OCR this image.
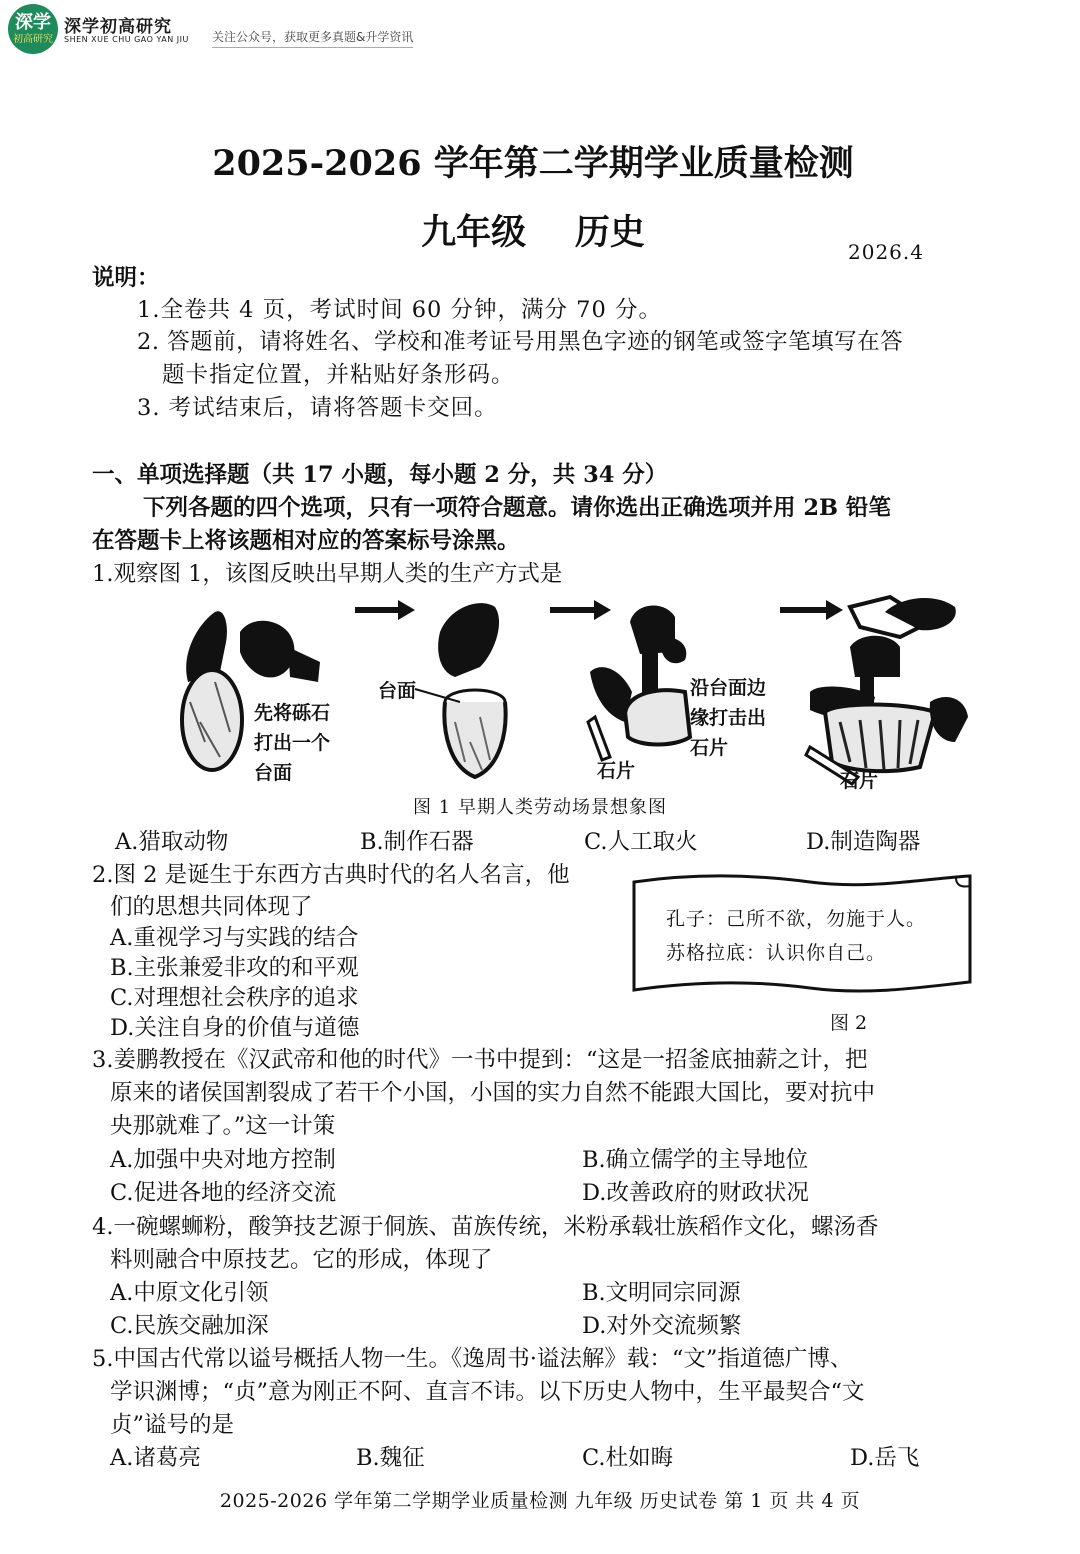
深学
初高研究
深学初高研究
SHEN XUE CHU GAO YAN JIU 关注公众号，获取更多真题&升学资讯
2025-2026 学年第二学期学业质量检测
九年级    历史	2026.4
说明：
1.全卷共 4 页，考试时间 60 分钟，满分 70 分。
2. 答题前，请将姓名、学校和准考证号用黑色字迹的钢笔或签字笔填写在答
题卡指定位置，并粘贴好条形码。
3. 考试结束后，请将答题卡交回。
一、单项选择题（共 17 小题，每小题 2 分，共 34 分）
下列各题的四个选项，只有一项符合题意。请你选出正确选项并用 2B 铅笔
在答题卡上将该题相对应的答案标号涂黑。
1.观察图 1，该图反映出早期人类的生产方式是
先将砾石
打出一个
台面
台面
石片
沿台面边
缘打击出
石片
石片
图 1 早期人类劳动场景想象图
A.猎取动物	B.制作石器	C.人工取火	D.制造陶器
2.图 2 是诞生于东西方古典时代的名人名言，他
们的思想共同体现了
A.重视学习与实践的结合
B.主张兼爱非攻的和平观
C.对理想社会秩序的追求
D.关注自身的价值与道德
孔子：己所不欲，勿施于人。
苏格拉底：认识你自己。
图 2
3.姜鹏教授在《汉武帝和他的时代》一书中提到：“这是一招釜底抽薪之计，把
原来的诸侯国割裂成了若干个小国，小国的实力自然不能跟大国比，要对抗中
央那就难了。”这一计策
A.加强中央对地方控制	B.确立儒学的主导地位
C.促进各地的经济交流	D.改善政府的财政状况
4.一碗螺蛳粉，酸笋技艺源于侗族、苗族传统，米粉承载壮族稻作文化，螺汤香
料则融合中原技艺。它的形成，体现了
A.中原文化引领	B.文明同宗同源
C.民族交融加深	D.对外交流频繁
5.中国古代常以谥号概括人物一生。《逸周书·谥法解》载：“文”指道德广博、
学识渊博；“贞”意为刚正不阿、直言不讳。以下历史人物中，生平最契合“文
贞”谥号的是
A.诸葛亮	B.魏征	C.杜如晦	D.岳飞
2025-2026 学年第二学期学业质量检测 九年级 历史试卷 第 1 页 共 4 页
